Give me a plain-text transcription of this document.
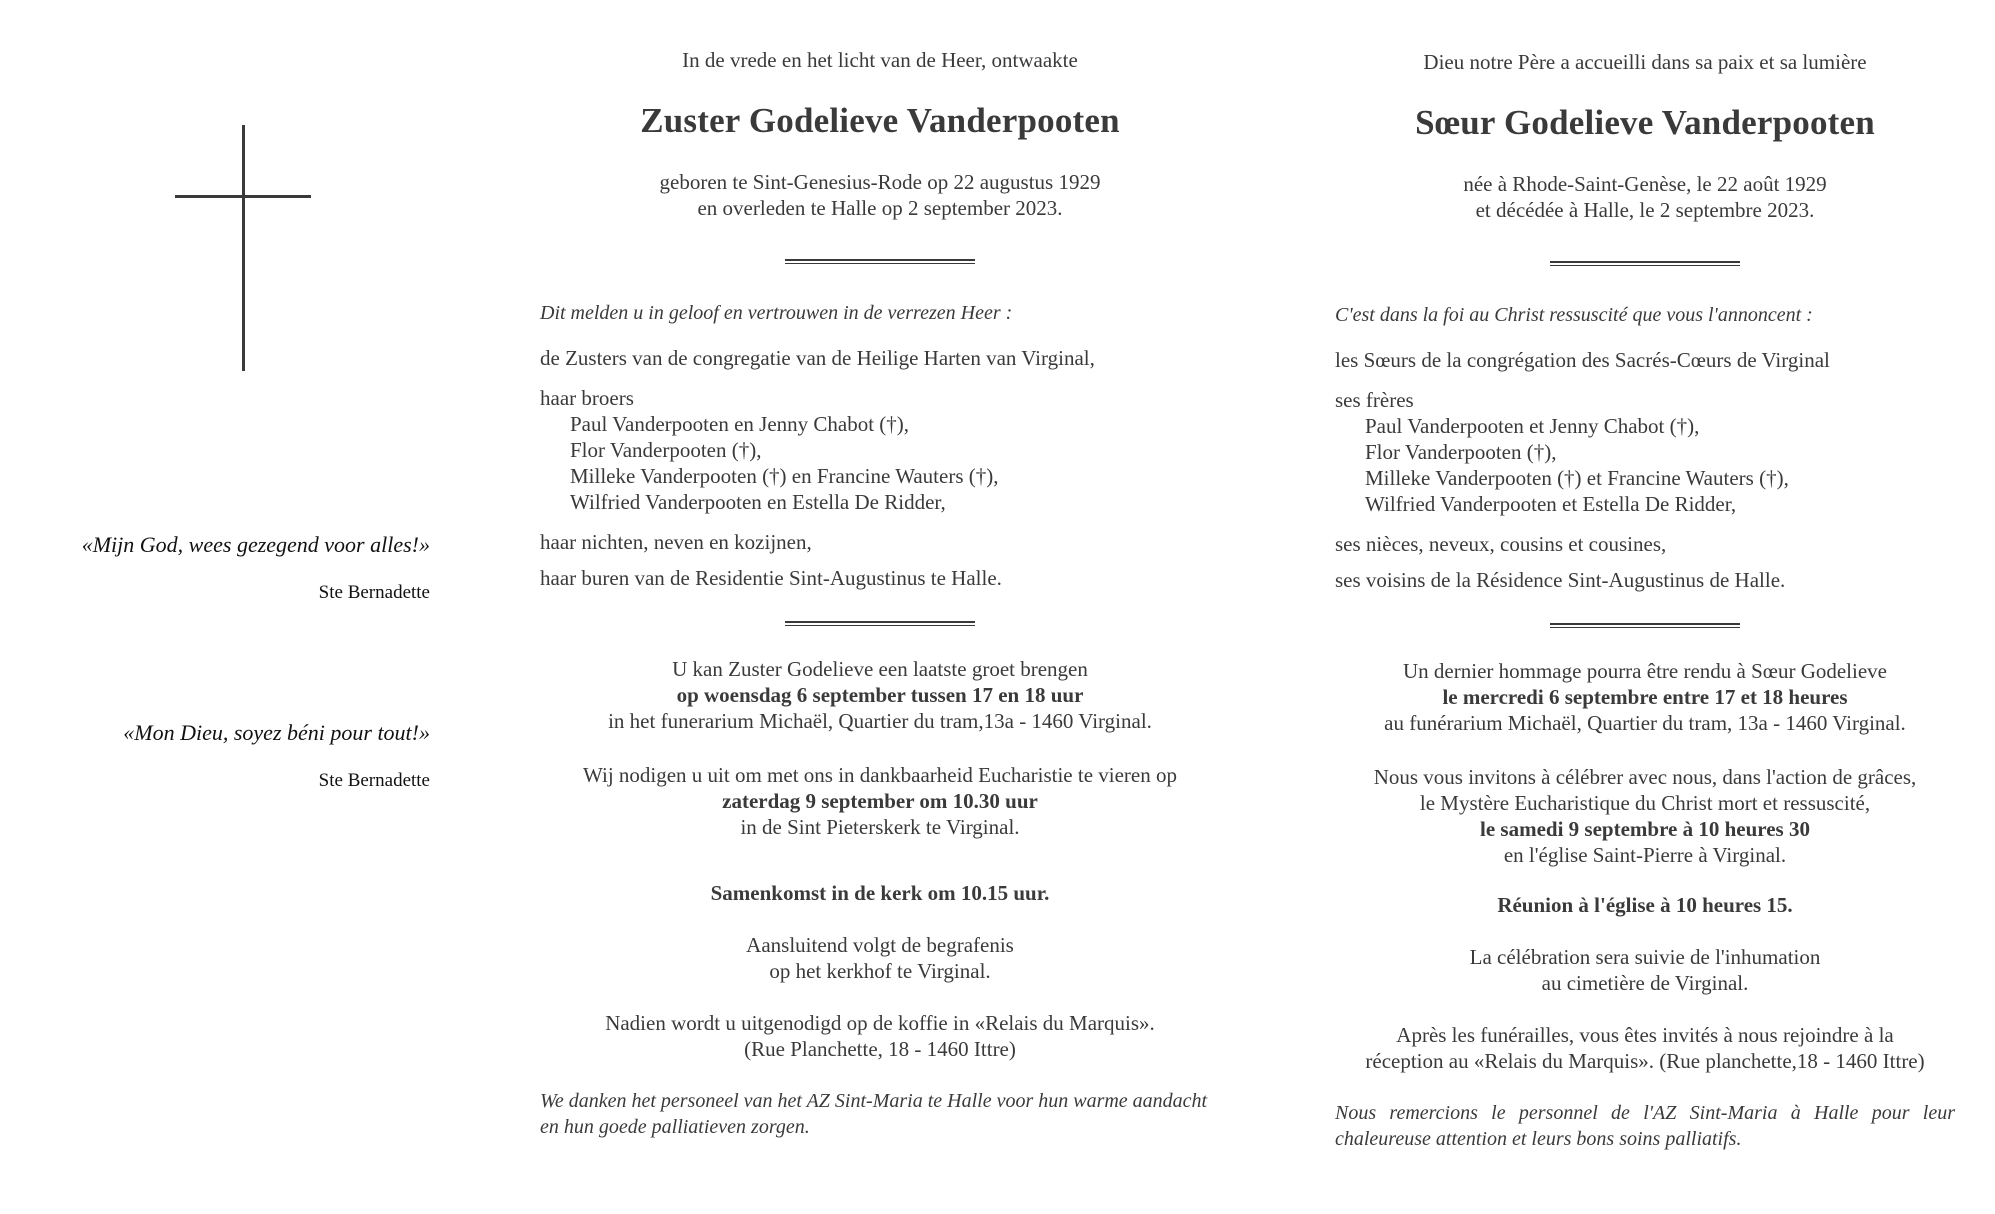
«Mijn God, wees gezegend voor alles!»
Ste Bernadette
«Mon Dieu, soyez béni pour tout!»
Ste Bernadette
In de vrede en het licht van de Heer, ontwaakte
Zuster Godelieve Vanderpooten
geboren te Sint-Genesius-Rode op 22 augustus 1929
en overleden te Halle op 2 september 2023.
Dit melden u in geloof en vertrouwen in de verrezen Heer :
de Zusters van de congregatie van de Heilige Harten van Virginal,
haar broers
Paul Vanderpooten en Jenny Chabot (†),
Flor Vanderpooten (†),
Milleke Vanderpooten (†) en Francine Wauters (†),
Wilfried Vanderpooten en Estella De Ridder,
haar nichten, neven en kozijnen,
haar buren van de Residentie Sint-Augustinus te Halle.
U kan Zuster Godelieve een laatste groet brengen
op woensdag 6 september tussen 17 en 18 uur
in het funerarium Michaël, Quartier du tram,13a - 1460 Virginal.
Wij nodigen u uit om met ons in dankbaarheid Eucharistie te vieren op
zaterdag 9 september om 10.30 uur
in de Sint Pieterskerk te Virginal.
Samenkomst in de kerk om 10.15 uur.
Aansluitend volgt de begrafenis
op het kerkhof te Virginal.
Nadien wordt u uitgenodigd op de koffie in «Relais du Marquis».
(Rue Planchette, 18 - 1460 Ittre)
We danken het personeel van het AZ Sint-Maria te Halle voor hun warme aandacht en hun goede palliatieven zorgen.
Dieu notre Père a accueilli dans sa paix et sa lumière
Sœur Godelieve Vanderpooten
née à Rhode-Saint-Genèse, le 22 août 1929
et décédée à Halle, le 2 septembre 2023.
C'est dans la foi au Christ ressuscité que vous l'annoncent :
les Sœurs de la congrégation des Sacrés-Cœurs de Virginal
ses frères
Paul Vanderpooten et Jenny Chabot (†),
Flor Vanderpooten (†),
Milleke Vanderpooten (†) et Francine Wauters (†),
Wilfried Vanderpooten et Estella De Ridder,
ses nièces, neveux, cousins et cousines,
ses voisins de la Résidence Sint-Augustinus de Halle.
Un dernier hommage pourra être rendu à Sœur Godelieve
le mercredi 6 septembre entre 17 et 18 heures
au funérarium Michaël, Quartier du tram, 13a - 1460 Virginal.
Nous vous invitons à célébrer avec nous, dans l'action de grâces,
le Mystère Eucharistique du Christ mort et ressuscité,
le samedi 9 septembre à 10 heures 30
en l'église Saint-Pierre à Virginal.
Réunion à l'église à 10 heures 15.
La célébration sera suivie de l'inhumation
au cimetière de Virginal.
Après les funérailles, vous êtes invités à nous rejoindre à la
réception au «Relais du Marquis». (Rue planchette,18 - 1460 Ittre)
Nous remercions le personnel de l'AZ Sint-Maria à Halle pour leur chaleureuse attention et leurs bons soins palliatifs.
